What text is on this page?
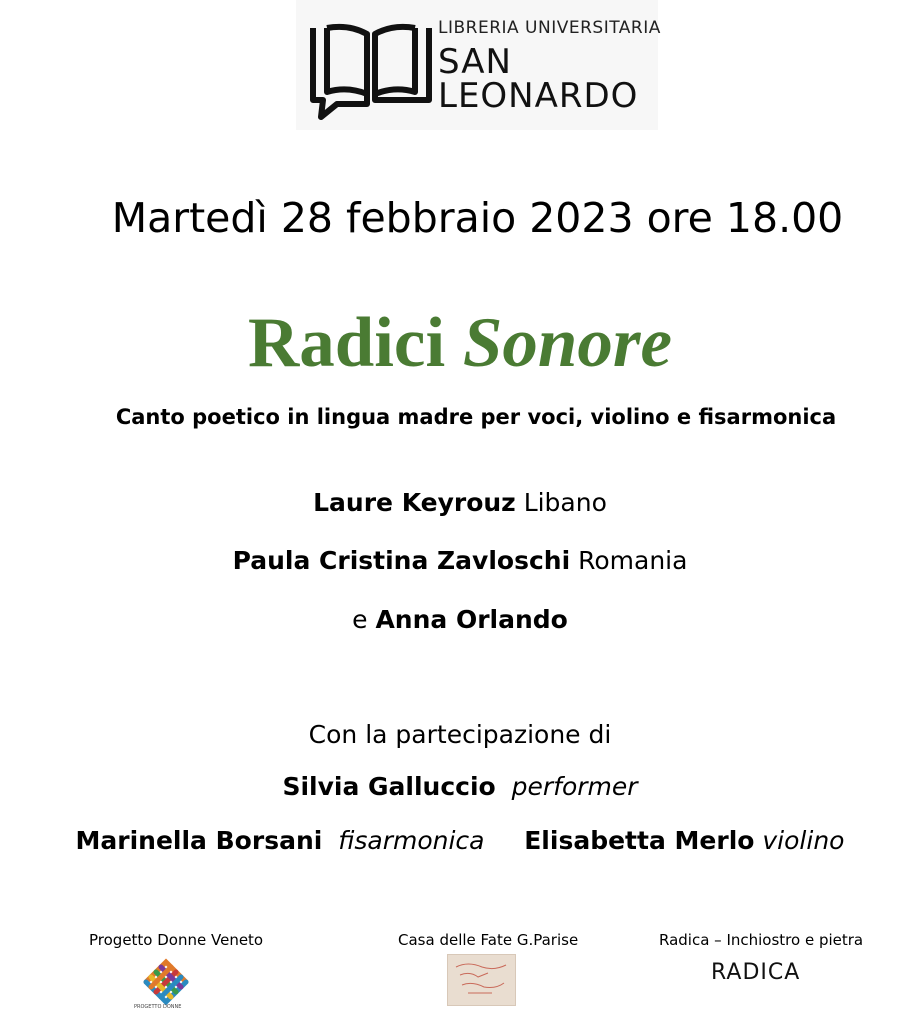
LIBRERIA UNIVERSITARIA
SAN
LEONARDO
Martedì 28 febbraio 2023 ore 18.00
Radici Sonore
Canto poetico in lingua madre per voci, violino e fisarmonica
Laure Keyrouz Libano
Paula Cristina Zavloschi Romania
e Anna Orlando
Con la partecipazione di
Silvia Galluccio performer
Marinella Borsani fisarmonica Elisabetta Merlo violino
Progetto Donne Veneto	Casa delle Fate G.Parise	Radica – Inchiostro e pietra
PROGETTO DONNE
RADICA
